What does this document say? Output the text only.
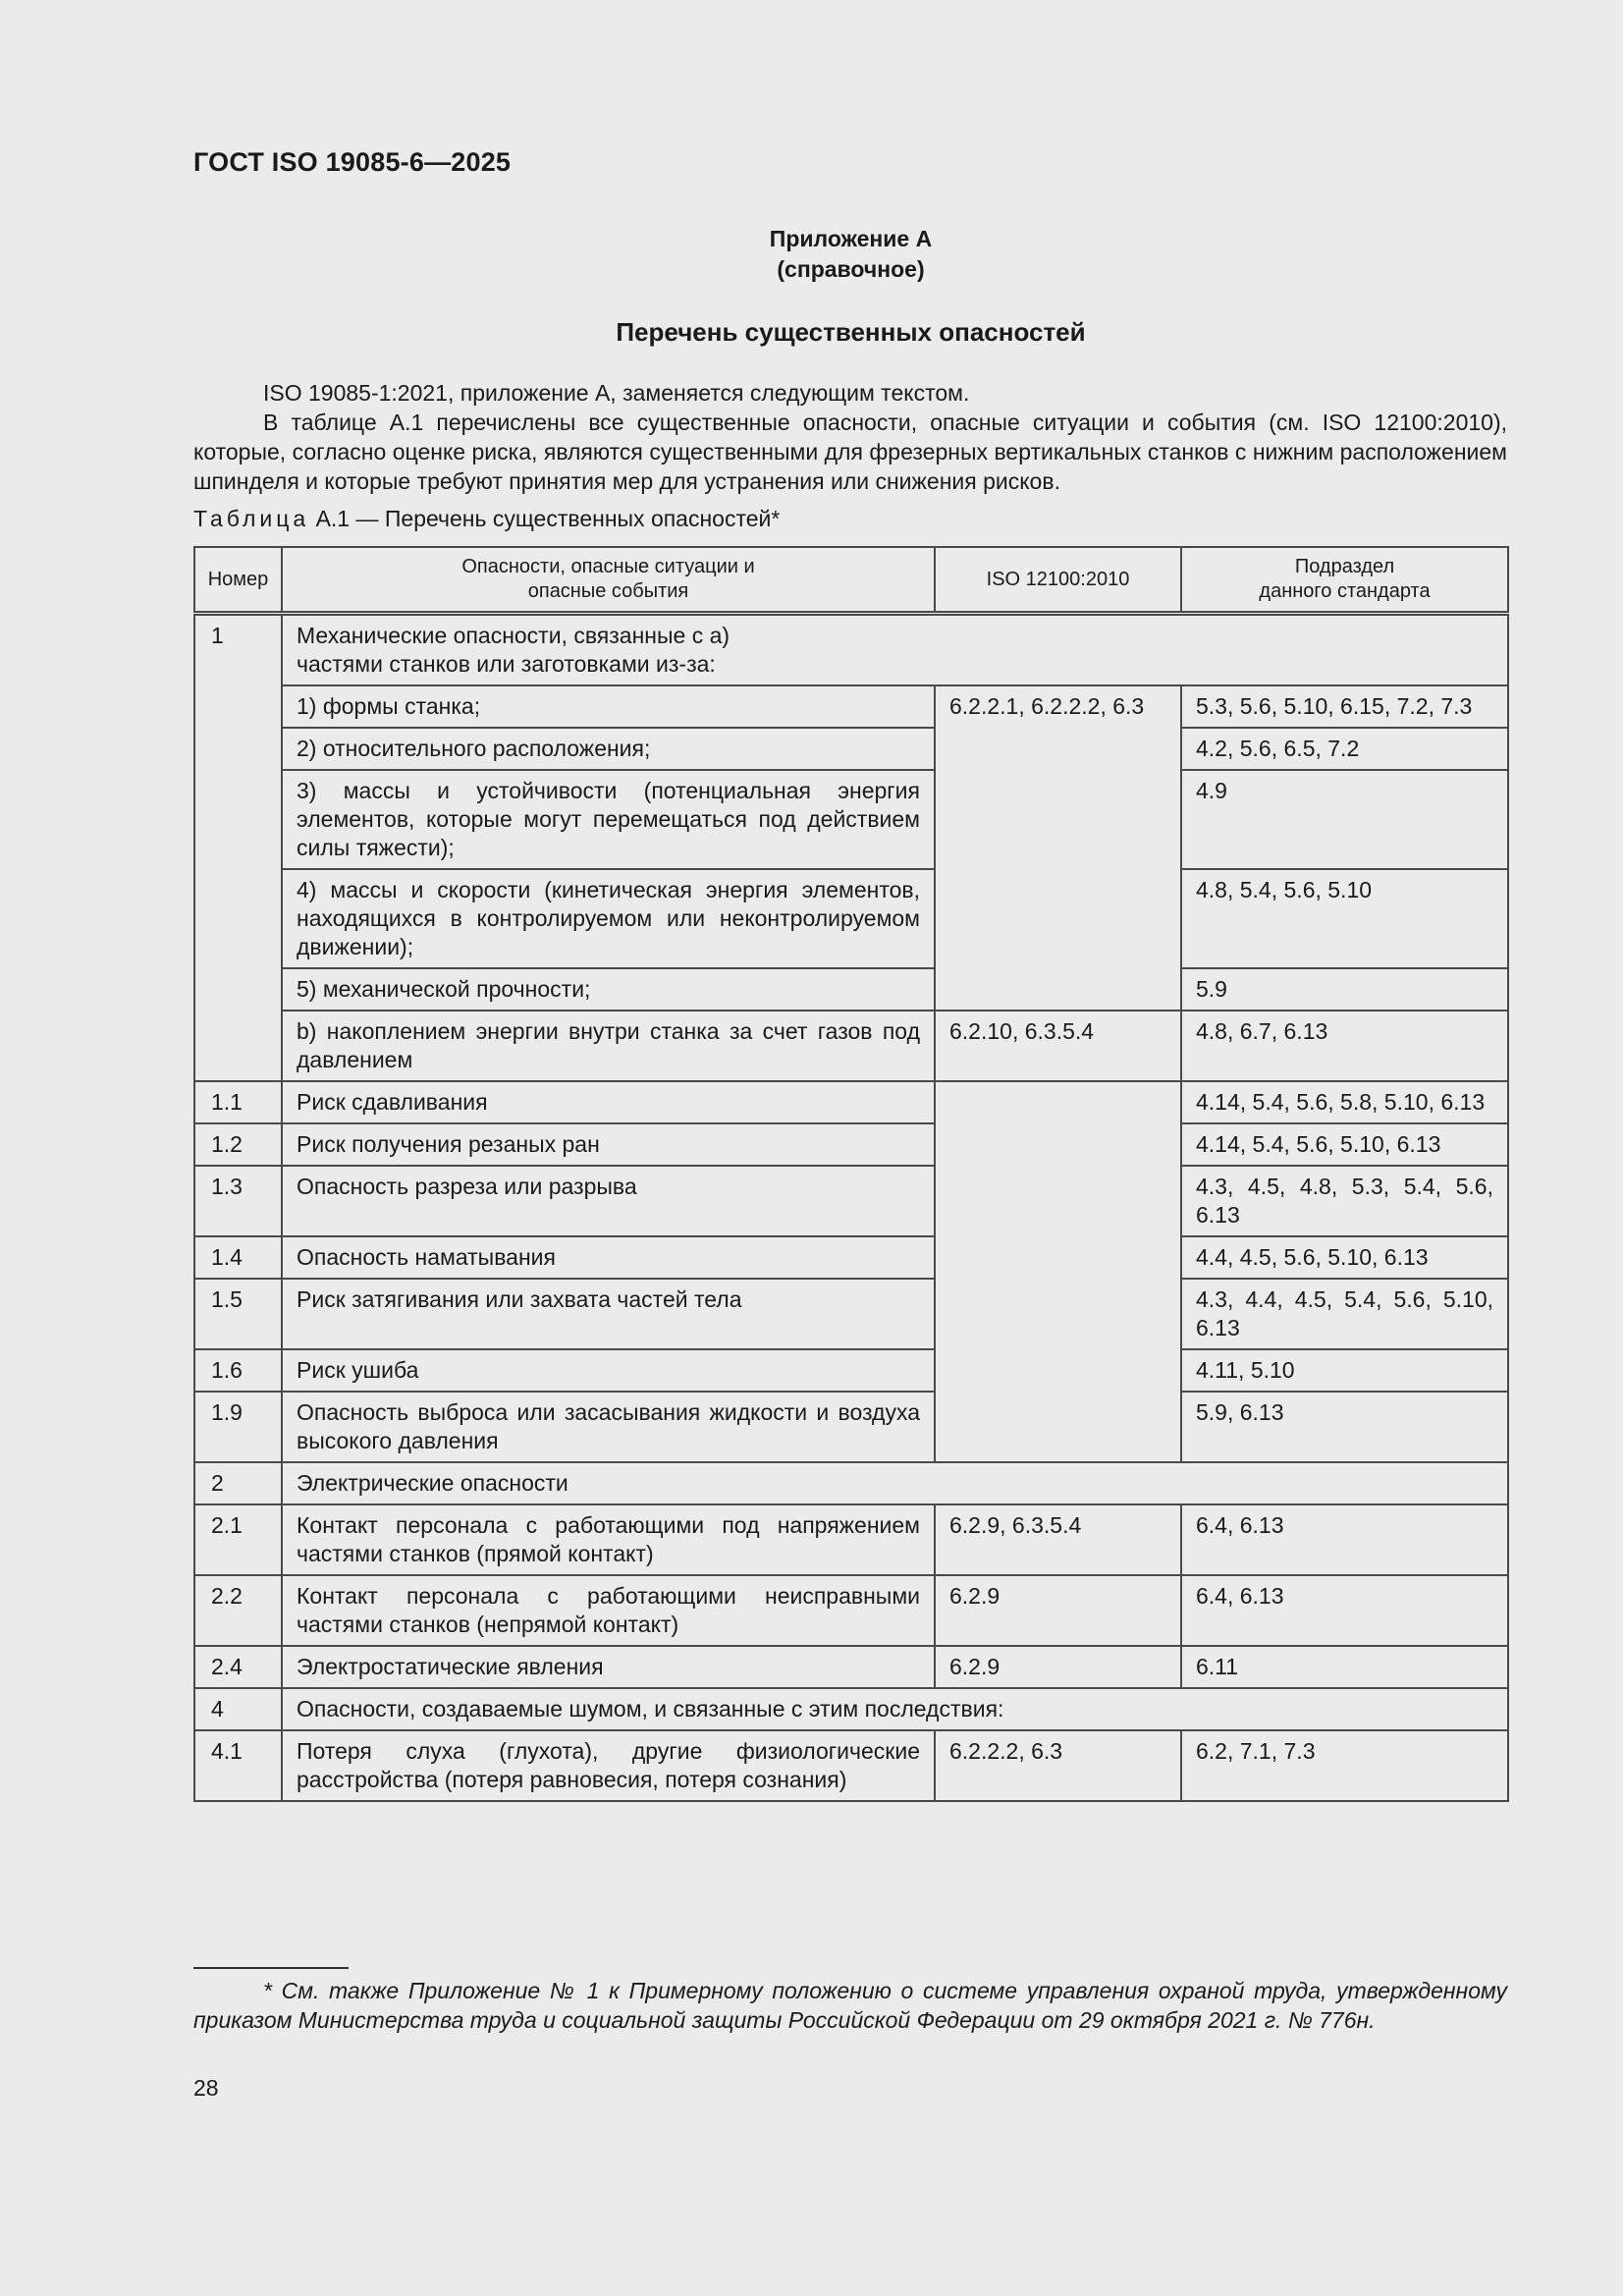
ГОСТ ISO 19085-6—2025
Приложение А
(справочное)
Перечень существенных опасностей

ISO 19085-1:2021, приложение А, заменяется следующим текстом.

В таблице А.1 перечислены все существенные опасности, опасные ситуации и события (см. ISO 12100:2010), которые, согласно оценке риска, являются существенными для фрезерных вертикальных станков с нижним расположением шпинделя и которые требуют принятия мер для устранения или снижения рисков.

Таблица А.1 — Перечень существенных опасностей*
Номер	Опасности, опасные ситуации и опасные события	ISO 12100:2010	Подраздел данного стандарта

1	Механические опасности, связанные с а) частями станков или заготовками из-за:		

	1) формы станка;	6.2.2.1, 6.2.2.2, 6.3	5.3, 5.6, 5.10, 6.15, 7.2, 7.3
	2) относительного расположения;		4.2, 5.6, 6.5, 7.2
	3) массы и устойчивости (потенциальная энергия элементов, которые могут перемещаться под действием силы тяжести);		4.9
	4) массы и скорости (кинетическая энергия элементов, находящихся в контролируемом или неконтролируемом движении);		4.8, 5.4, 5.6, 5.10
	5) механической прочности;		5.9
	b) накоплением энергии внутри станка за счет газов под давлением	6.2.10, 6.3.5.4	4.8, 6.7, 6.13
1.1	Риск сдавливания		4.14, 5.4, 5.6, 5.8, 5.10, 6.13
1.2	Риск получения резаных ран		4.14, 5.4, 5.6, 5.10, 6.13
1.3	Опасность разреза или разрыва		4.3, 4.5, 4.8, 5.3, 5.4, 5.6, 6.13
1.4	Опасность наматывания		4.4, 4.5, 5.6, 5.10, 6.13
1.5	Риск затягивания или захвата частей тела		4.3, 4.4, 4.5, 5.4, 5.6, 5.10, 6.13
1.6	Риск ушиба		4.11, 5.10
1.9	Опасность выброса или засасывания жидкости и воздуха высокого давления		5.9, 6.13
2	Электрические опасности		
2.1	Контакт персонала с работающими под напряжением частями станков (прямой контакт)	6.2.9, 6.3.5.4	6.4, 6.13
2.2	Контакт персонала с работающими неисправными частями станков (непрямой контакт)	6.2.9	6.4, 6.13
2.4	Электростатические явления	6.2.9	6.11
4	Опасности, создаваемые шумом, и связанные с этим последствия:		
4.1	Потеря слуха (глухота), другие физиологические расстройства (потеря равновесия, потеря сознания)	6.2.2.2, 6.3	6.2, 7.1, 7.3
* См. также Приложение № 1 к Примерному положению о системе управления охраной труда, утвержденному приказом Министерства труда и социальной защиты Российской Федерации от 29 октября 2021 г. № 776н.
28
